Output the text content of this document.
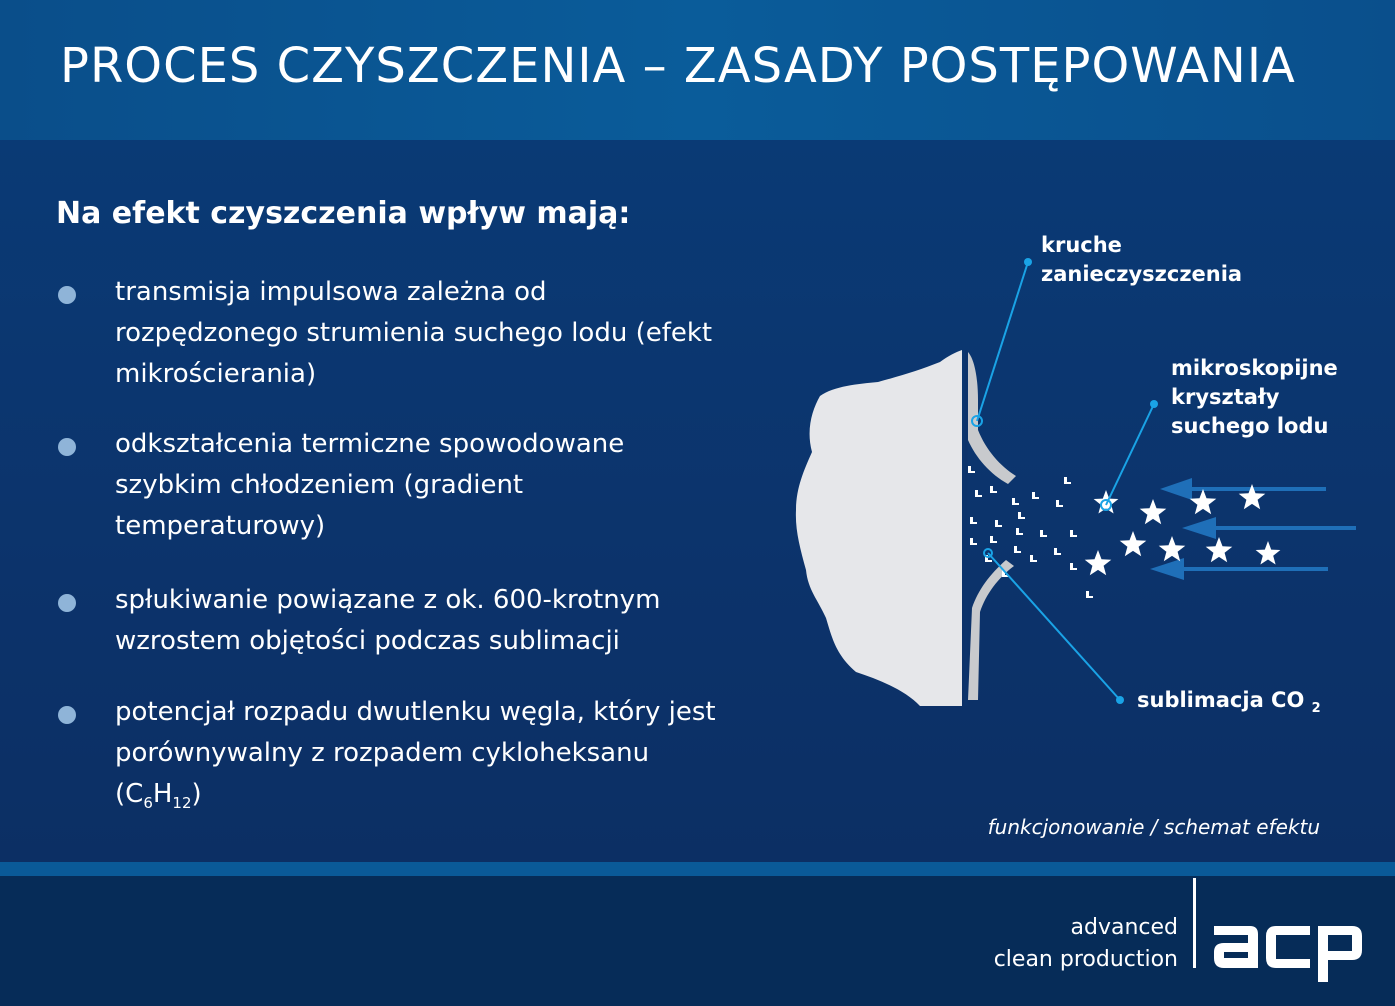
PROCES CZYSZCZENIA – ZASADY POSTĘPOWANIA
Na efekt czyszczenia wpływ mają:
transmisja impulsowa zależna od rozpędzonego strumienia suchego lodu (efekt mikrościerania)
odkształcenia termiczne spowodowane szybkim chłodzeniem (gradient temperaturowy)
spłukiwanie powiązane z ok. 600-krotnym wzrostem objętości podczas sublimacji
potencjał rozpadu dwutlenku węgla, który jest porównywalny z rozpadem cykloheksanu $(C_6H_{12})$
kruche zanieczyszczenia
mikroskopijne kryształy suchego lodu
sublimacja CO $_2$
funkcjonowanie / schemat efektu
advanced
clean production
